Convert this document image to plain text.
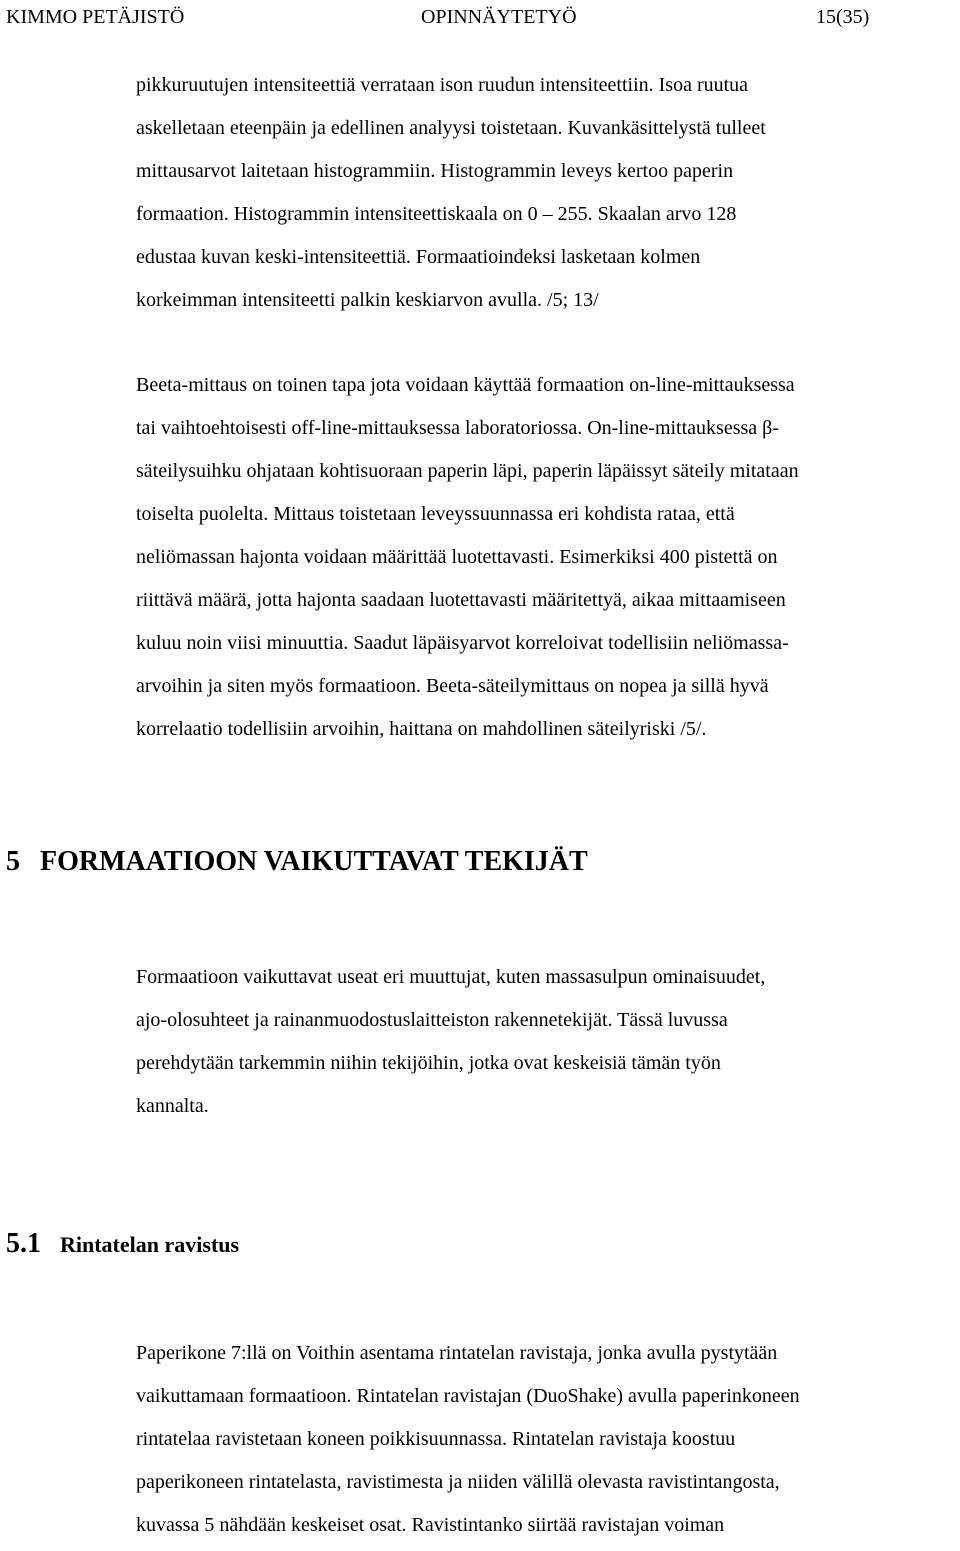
KIMMO PETÄJISTÖ	OPINNÄYTETYÖ	15(35)

pikkuruutujen intensiteettiä verrataan ison ruudun intensiteettiin. Isoa ruutua
askelletaan eteenpäin ja edellinen analyysi toistetaan. Kuvankäsittelystä tulleet
mittausarvot laitetaan histogrammiin. Histogrammin leveys kertoo paperin
formaation. Histogrammin intensiteettiskaala on 0 – 255. Skaalan arvo 128
edustaa kuvan keski-intensiteettiä. Formaatioindeksi lasketaan kolmen
korkeimman intensiteetti palkin keskiarvon avulla. /5; 13/

Beeta-mittaus on toinen tapa jota voidaan käyttää formaation on-line-mittauksessa
tai vaihtoehtoisesti off-line-mittauksessa laboratoriossa. On-line-mittauksessa β-
säteilysuihku ohjataan kohtisuoraan paperin läpi, paperin läpäissyt säteily mitataan
toiselta puolelta. Mittaus toistetaan leveyssuunnassa eri kohdista rataa, että
neliömassan hajonta voidaan määrittää luotettavasti. Esimerkiksi 400 pistettä on
riittävä määrä, jotta hajonta saadaan luotettavasti määritettyä, aikaa mittaamiseen
kuluu noin viisi minuuttia. Saadut läpäisyarvot korreloivat todellisiin neliömassa-
arvoihin ja siten myös formaatioon. Beeta-säteilymittaus on nopea ja sillä hyvä
korrelaatio todellisiin arvoihin, haittana on mahdollinen säteilyriski /5/.

5 FORMAATIOON VAIKUTTAVAT TEKIJÄT

Formaatioon vaikuttavat useat eri muuttujat, kuten massasulpun ominaisuudet,
ajo-olosuhteet ja rainanmuodostuslaitteiston rakennetekijät. Tässä luvussa
perehdytään tarkemmin niihin tekijöihin, jotka ovat keskeisiä tämän työn
kannalta.

5.1 Rintatelan ravistus

Paperikone 7:llä on Voithin asentama rintatelan ravistaja, jonka avulla pystytään
vaikuttamaan formaatioon. Rintatelan ravistajan (DuoShake) avulla paperinkoneen
rintatelaa ravistetaan koneen poikkisuunnassa. Rintatelan ravistaja koostuu
paperikoneen rintatelasta, ravistimesta ja niiden välillä olevasta ravistintangosta,
kuvassa 5 nähdään keskeiset osat. Ravistintanko siirtää ravistajan voiman
